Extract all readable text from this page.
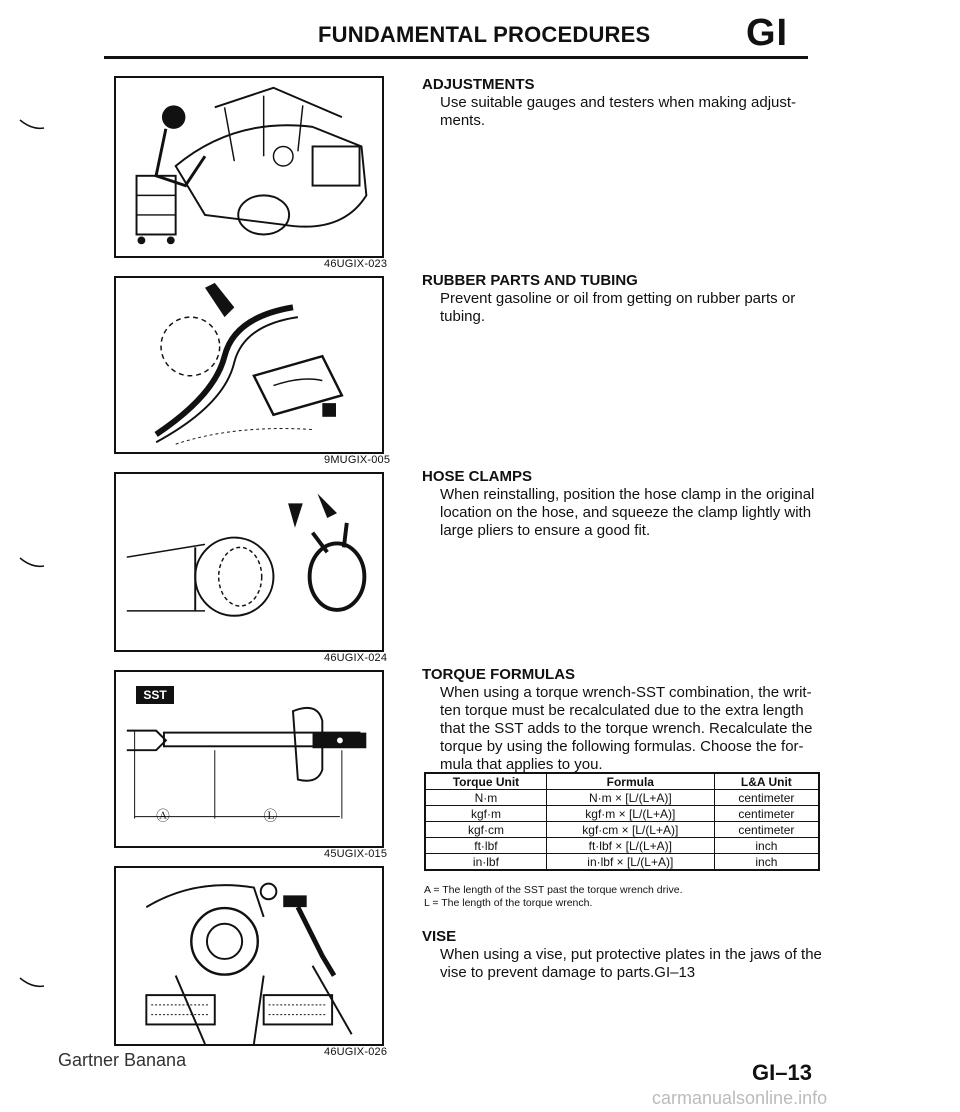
FUNDAMENTAL PROCEDURES	GI
46UGIX-023
9MUGIX-005
46UGIX-024
SST
Ⓐ	Ⓛ
45UGIX-015
46UGIX-026

ADJUSTMENTS

Use suitable gauges and testers when making adjust-ments.

RUBBER PARTS AND TUBING

Prevent gasoline or oil from getting on rubber parts or tubing.

HOSE CLAMPS

When reinstalling, position the hose clamp in the original location on the hose, and squeeze the clamp lightly with large pliers to ensure a good fit.

TORQUE FORMULAS

When using a torque wrench-SST combination, the writ-ten torque must be recalculated due to the extra length that the SST adds to the torque wrench. Recalculate the torque by using the following formulas. Choose the for-mula that applies to you.

Torque Unit	Formula	L&A Unit
N·m	N·m × [L/(L+A)]	centimeter
kgf·m	kgf·m × [L/(L+A)]	centimeter
kgf·cm	kgf·cm × [L/(L+A)]	centimeter
ft·lbf	ft·lbf × [L/(L+A)]	inch
in·lbf	in·lbf × [L/(L+A)]	inch
A = The length of the SST past the torque wrench drive.
L = The length of the torque wrench.

VISE

When using a vise, put protective plates in the jaws of the vise to prevent damage to parts.GI–13

Gartner Banana	GI–13
carmanualsonline.info
